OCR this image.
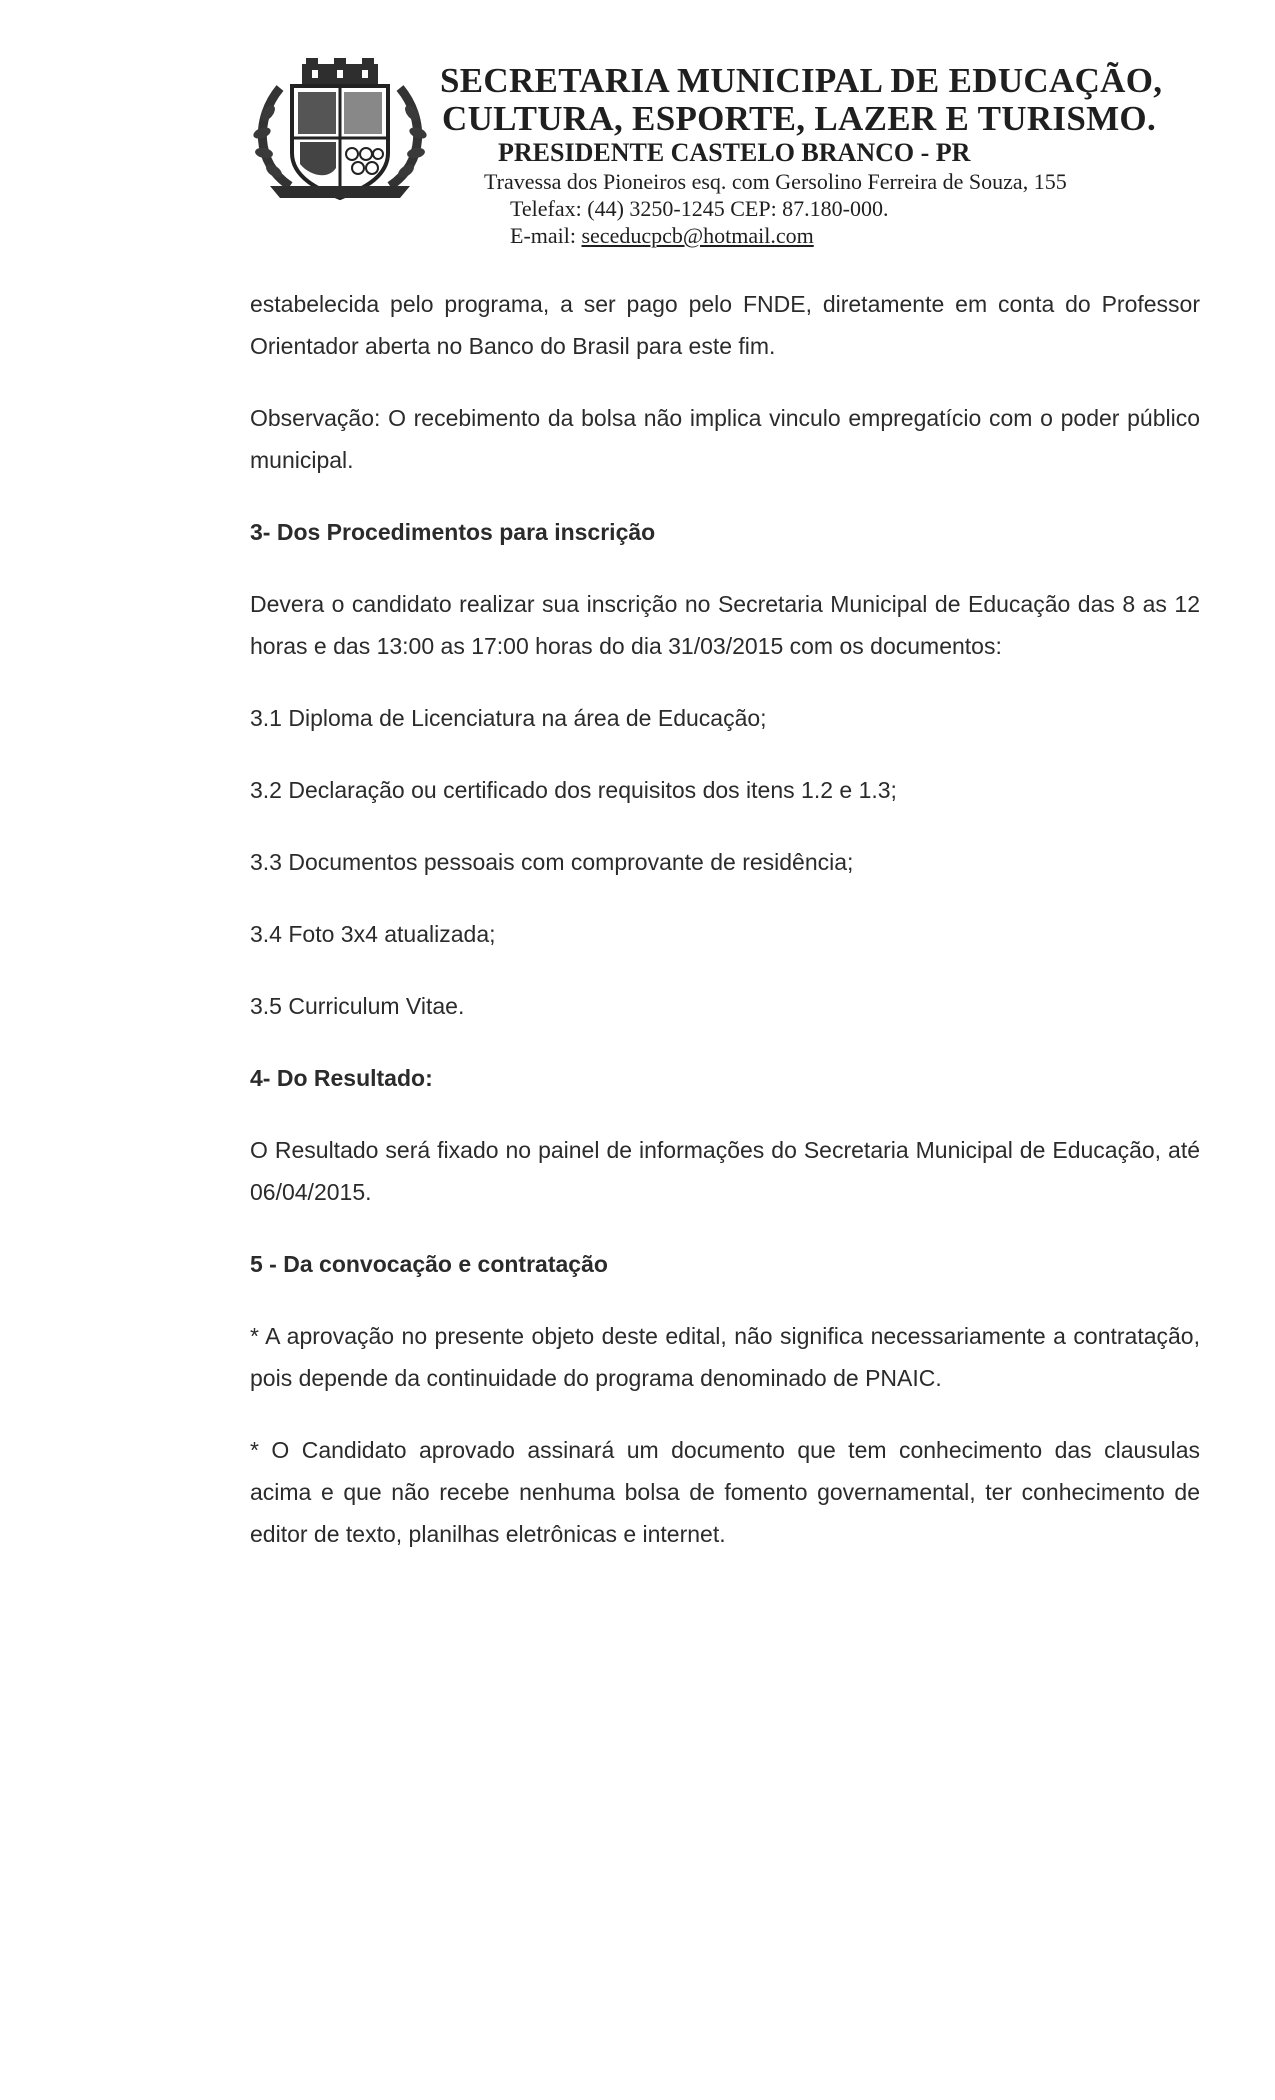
SECRETARIA MUNICIPAL DE EDUCAÇÃO,
CULTURA, ESPORTE, LAZER E TURISMO.
PRESIDENTE CASTELO BRANCO - PR
Travessa dos Pioneiros esq. com Gersolino Ferreira de Souza, 155
Telefax: (44) 3250-1245 CEP: 87.180-000.
E-mail: seceducpcb@hotmail.com

estabelecida pelo programa, a ser pago pelo FNDE, diretamente em conta do Professor Orientador aberta no Banco do Brasil para este fim.

Observação: O recebimento da bolsa não implica vinculo empregatício com o poder público municipal.

3- Dos Procedimentos para inscrição

Devera o candidato realizar sua inscrição no Secretaria Municipal de Educação das 8 as 12 horas e das 13:00 as 17:00 horas do dia 31/03/2015 com os documentos:

3.1 Diploma de Licenciatura na área de Educação;
3.2 Declaração ou certificado dos requisitos dos itens 1.2 e 1.3;
3.3 Documentos pessoais com comprovante de residência;
3.4 Foto 3x4 atualizada;
3.5 Curriculum Vitae.
4- Do Resultado:

O Resultado será fixado no painel de informações do Secretaria Municipal de Educação, até 06/04/2015.

5 - Da convocação e contratação

* A aprovação no presente objeto deste edital, não significa necessariamente a contratação, pois depende da continuidade do programa denominado de PNAIC.

* O Candidato aprovado assinará um documento que tem conhecimento das clausulas acima e que não recebe nenhuma bolsa de fomento governamental, ter conhecimento de editor de texto, planilhas eletrônicas e internet.
